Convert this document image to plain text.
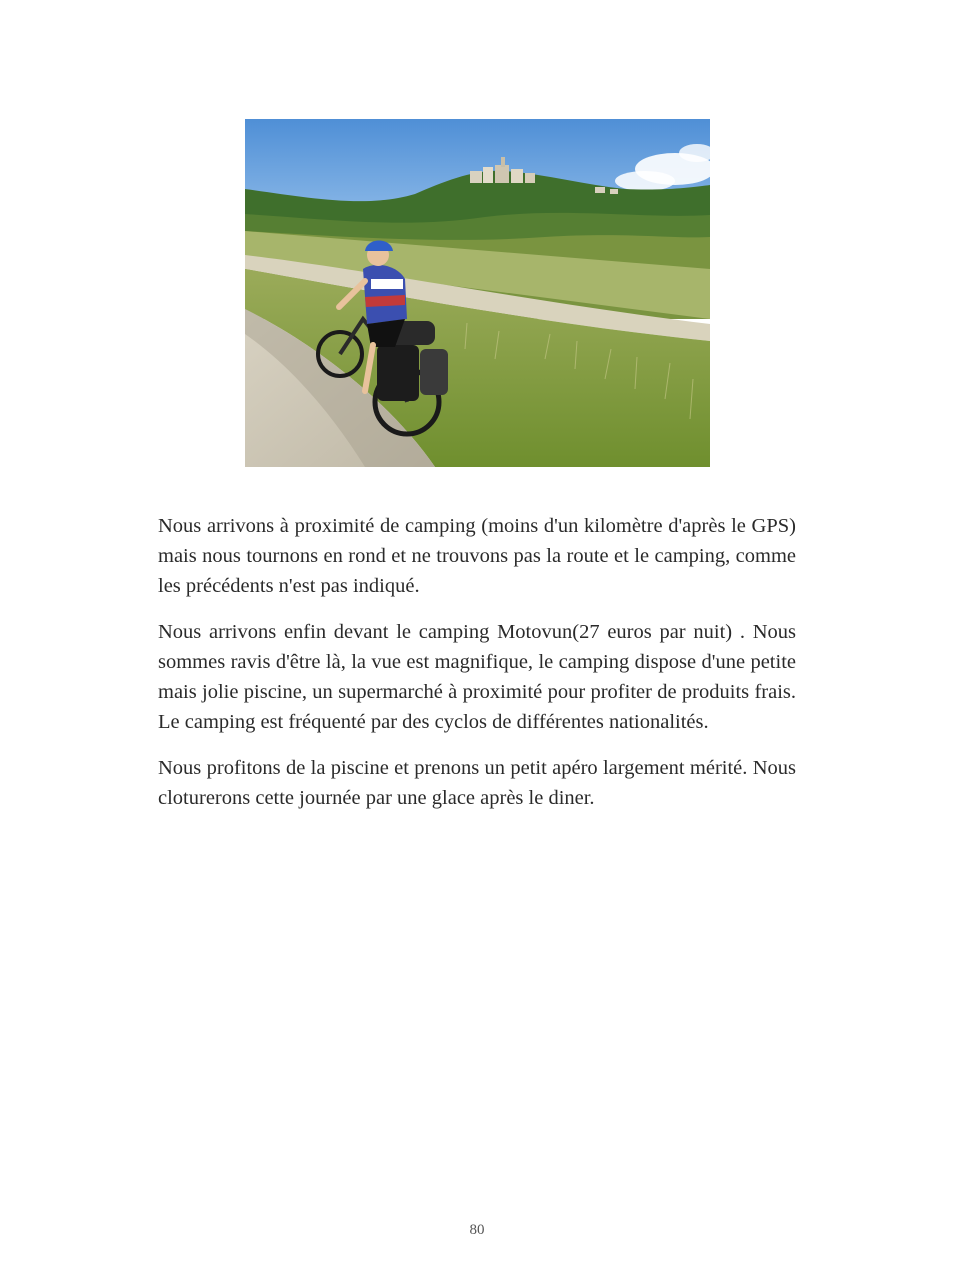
Nous arrivons à proximité de camping (moins d'un kilomètre d'après le GPS) mais nous tournons en rond et ne trouvons pas la route et le camping, comme les précédents n'est pas indiqué.

Nous arrivons enfin devant le camping Motovun(27 euros par nuit) . Nous sommes ravis d'être là, la vue est magnifique, le camping dispose d'une petite mais jolie piscine, un supermarché à proximité pour profiter de produits frais. Le camping est fréquenté par des cyclos de différentes nationalités.

Nous profitons de la piscine et prenons un petit apéro largement mérité. Nous cloturerons cette journée par une glace après le diner.

80
